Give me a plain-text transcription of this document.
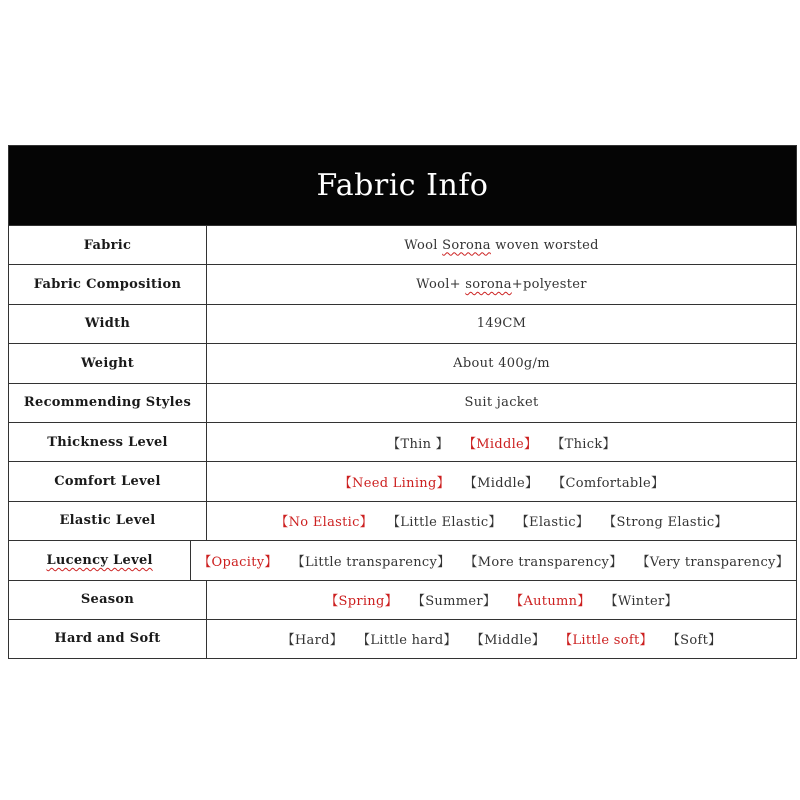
Fabric Info
Fabric	Wool Sorona woven worsted
Fabric Composition	Wool+ sorona +polyester
Width	149CM
Weight	About 400g/m
Recommending Styles	Suit jacket
Thickness Level	【Thin 】 【Middle】 【Thick】
Comfort Level	【Need Lining】 【Middle】 【Comfortable】
Elastic Level	【No Elastic】 【Little Elastic】 【Elastic】 【Strong Elastic】
Lucency Level	【Opacity】 【Little transparency】 【More transparency】 【Very transparency】
Season	【Spring】 【Summer】 【Autumn】 【Winter】
Hard and Soft	【Hard】 【Little hard】 【Middle】 【Little soft】 【Soft】
